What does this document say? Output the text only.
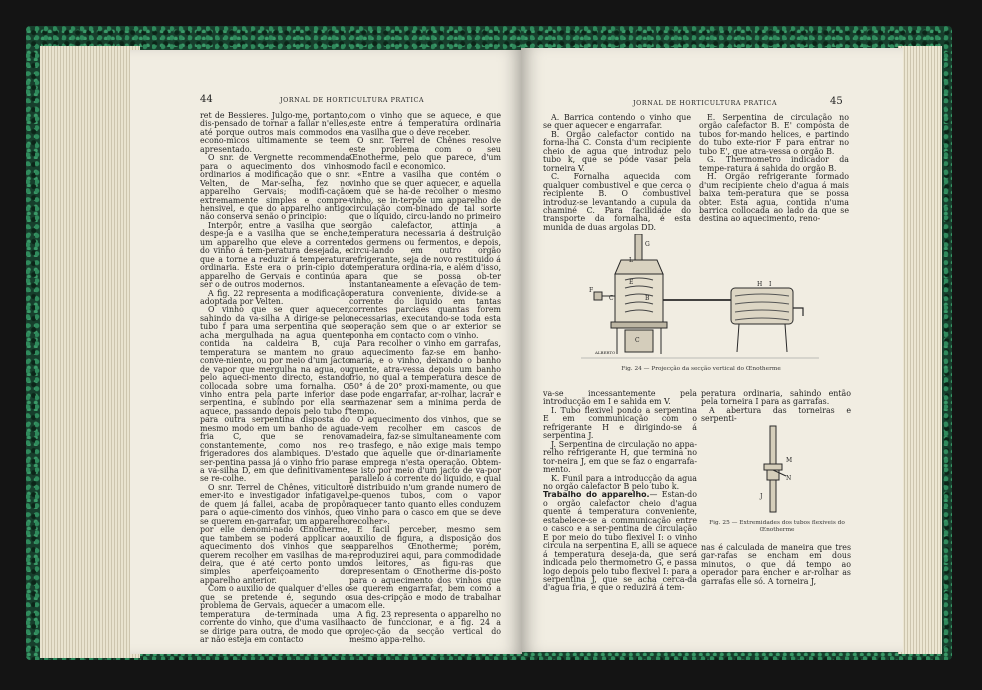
44	JORNAL DE HORTICULTURA PRATICA

ret de Bessieres. Julgo-me, portanto, dis-pensado de tornar a fallar n'elles, até porque outros mais commodos e econo-micos ultimamente se teem apresentado.

O snr. de Vergnette recommenda para o aquecimento dos vinhos ordinarios a modificação que o snr. Velten, de Mar-selha, fez no apparelho Gervais; modifi-cação extremamente simples e compre-hensivel, e que do apparelho antigo não conserva senão o principio:

Interpôr, entre a vasilha que se despe-ja e a vasilha que se enche, um apparelho que eleve a corrente do vinho á tem-peratura desejada, e que a torne a reduzir á temperatura ordinaria. Este era o prin-cipio do apparelho de Gervais e continúa a ser o de outros modernos.

A fig. 22 representa a modificação adoptada por Velten.

O vinho que se quer aquecer, sahindo da va-silha A dirige-se pelo tubo f para uma serpentina que se acha mergulhada na agua quente contida na caldeira B, cuja temperatura se mantem no grau conve-niente, ou por meio d'um jacto de vapor que mergulha na agua, ou pelo aqueci-mento directo, estando collocada sobre uma fornalha. O vinho entra pela parte inferior da serpentina, e subindo por ella se aquece, passando depois pelo tubo f' para outra serpentina disposta do mesmo modo em um banho de agua fria C, que se renova constantemente, como nos re-frigeradores dos alambiques. D'esta ser-pentina passa já o vinho frio para a va-silha D, em que definitivamente se re-colhe.

O snr. Terrel de Chênes, viticultor emer-ito e investigador infatigavel, de quem já fallei, acaba de propôr para o aque-cimento dos vinhos, que se querem en-garrafar, um apparelho por elle denomi-nado Œnotherme, que tambem se poderá applicar ao aquecimento dos vinhos que se querem recolher em vasilhas de ma-deira, que é até certo ponto um simples aperfeiçoamento do apparelho anterior.

Com o auxilio de qualquer d'elles o que se pretende é, segundo o problema de Gervais, aquecer a uma temperatura de-terminada uma corrente do vinho, que d'uma vasilha se dirige para outra, de modo que o ar não esteja em contacto

com o vinho que se aquece, e que este entre á temperatura ordinaria na vasilha que o deve receber.

O snr. Terrel de Chênes resolve este problema com o seu Œnotherme, pelo que parece, d'um modo facil e economico.

«Entre a vasilha que contém o vinho que se quer aquecer, e aquella em que se ha-de recolher o mesmo vinho, se in-terpõe um apparelho de circulação com-binado de tal sorte que o liquido, circu-lando no primeiro orgão calefactor, attinja a temperatura necessaria á destruição dos germens ou fermentos, e depois, circu-lando em outro orgão refrigerante, seja de novo restituido á temperatura ordina-ria, e além d'isso, para que se possa ob-ter instantaneamente a elevação de tem-peratura conveniente, divide-se a corrente do liquido em tantas correntes parciaes quantas forem necessarias, executando-se toda esta operação sem que o ar exterior se ponha em contacto com o vinho.

Para recolher o vinho em garrafas, o aquecimento faz-se em banho-maria, e o vinho, deixando o banho quente, atra-vessa depois um banho frio, no qual a temperatura desce de 50° á de 20° proxi-mamente, ou que se pode engarrafar, ar-rolhar, lacrar e armazenar sem a minima perda de tempo.

O aquecimento dos vinhos, que se de-vem recolher em cascos de madeira, faz-se simultaneamente com o trasfego, e não exige mais tempo do que aquelle que or-dinariamente se emprega n'esta operação. Obtem-se isto por meio d'um jacto de va-por parallelo á corrente do liquido, e qual é distribuido n'um grande numero de pe-quenos tubos, com o vapor aquecer tanto quanto elles conduzem o vinho para o casco em que se deve recolher».

E facil perceber, mesmo sem auxilio de figura, a disposição dos apparelhos Œnotherme; porém, reproduzirei aqui, para commodidade dos leitores, as figu-ras que representam o Œnotherme dis-posto para o aquecimento dos vinhos que se querem engarrafar, bem como a sua des-cripção e modo de trabalhar com elle.

A fig. 23 representa o apparelho no acto de funccionar, e a fig. 24 a projec-ção da secção vertical do mesmo appa-relho.

JORNAL DE HORTICULTURA PRATICA	45

A. Barrica contendo o vinho que se quer aquecer e engarrafar.

B. Orgão calefactor contido na forna-lha C. Consta d'um recipiente cheio de agua que introduz pelo tubo k, que se póde vasar pela torneira V.

C. Fornalha aquecida com qualquer combustivel e que cerca o recipiente B. O combustivel introduz-se levantando a cupula da chaminé C. Para facilidade do transporte da fornalha, é esta munida de duas argolas DD.

E. Serpentina de circulação no orgão calefactor B. E' composta de tubos for-mando helices, e partindo do tubo exte-rior F para entrar no tubo E', que atra-vessa o orgão B.

G. Thermometro indicador da tempe-ratura á sahida do orgão B.

H. Orgão refrigerante formado d'um recipiente cheio d'agua á mais baixa tem-peratura que se possa obter. Esta agua, contida n'uma barrica collocada ao lado da que se destina ao aquecimento, reno-

L
G
E
B
C
F
C
H I
ALBERTO
Fig. 24 — Projecção da secção vertical do Œnotherme

va-se incessantemente pela introducção em I e sahida em V.

I. Tubo flexivel pondo a serpentina E em communicação com o refrigerante H e dirigindo-se á serpentina J.

J. Serpentina de circulação no appa-relho refrigerante H, que termina no tor-neira J, em que se faz o engarrafa-mento.

K. Funil para a introducção da agua no orgão calefactor B pelo tubo k.

Trabalho do apparelho.— Estan-do o orgão calefactor cheio d'agua quente á temperatura conveniente, estabelece-se a communicação entre o casco e a ser-pentina de circulação E por meio do tubo flexivel I: o vinho circula na serpentina E, alli se aquece á temperatura deseja-da, que será indicada pelo thermometro G, e passa logo depois pelo tubo flexivel I: para a serpentina J, que se acha cerca-da d'agua fria, e que o reduzirá á tem-

peratura ordinaria, sahindo então pela torneira I para as garrafas.

A abertura das torneiras e serpenti-

M
N
J
Fig. 25 — Extremidades dos tubos flexiveis do Œnotherme

nas é calculada de maneira que tres gar-rafas se encham em dous minutos, o que dá tempo ao operador para encher e ar-rolhar as garrafas elle só. A torneira J,
